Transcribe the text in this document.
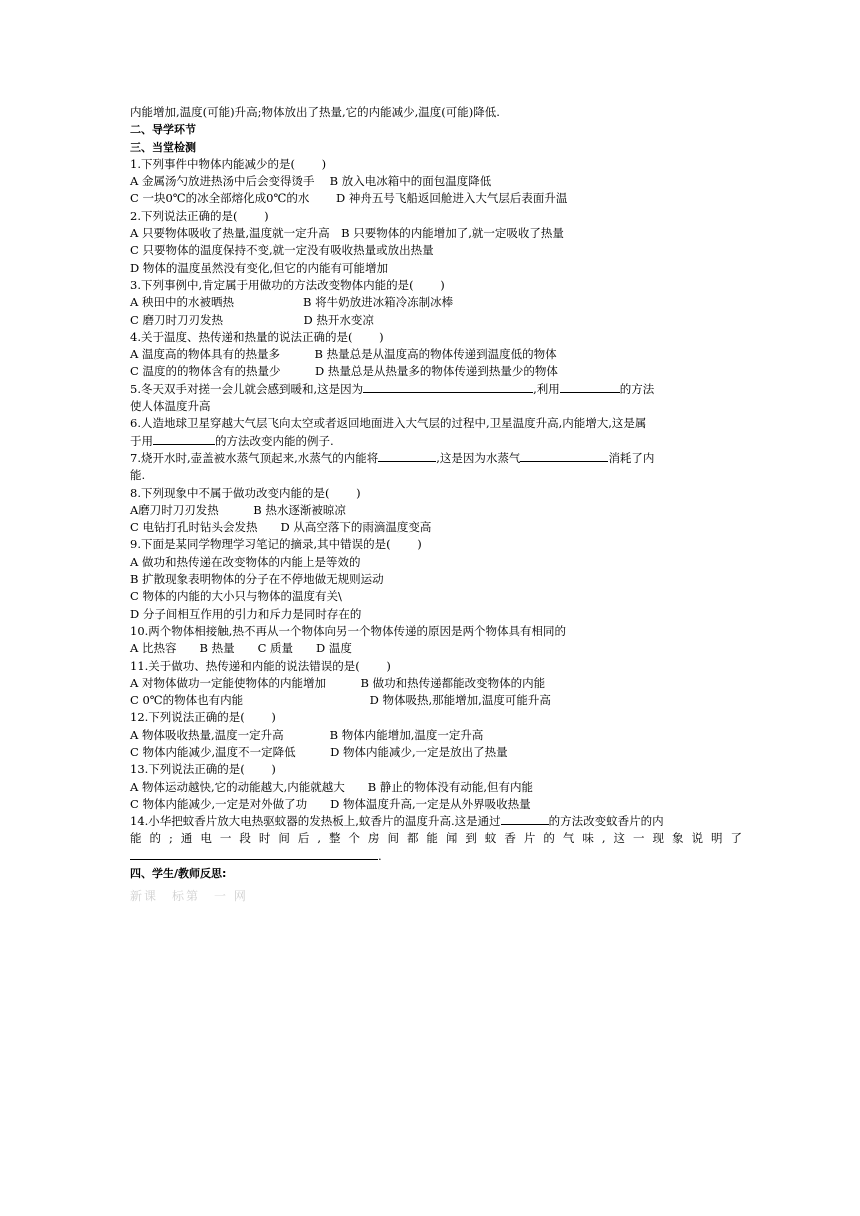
内能增加,温度(可能)升高;物体放出了热量,它的内能减少,温度(可能)降低.
二、导学环节
三、当堂检测
1.下列事件中物体内能减少的是(　　 )
A 金属汤勺放进热汤中后会变得烫手　 B 放入电冰箱中的面包温度降低
C 一块0℃的冰全部熔化成0℃的水　　 D 神舟五号飞船返回舱进入大气层后表面升温
2.下列说法正确的是(　　 )
A 只要物体吸收了热量,温度就一定升高　B 只要物体的内能增加了,就一定吸收了热量
C 只要物体的温度保持不变,就一定没有吸收热量或放出热量
D 物体的温度虽然没有变化,但它的内能有可能增加
3.下列事例中,肯定属于用做功的方法改变物体内能的是(　　 )
A 秧田中的水被晒热　　　　　　B 将牛奶放进冰箱冷冻制冰棒
C 磨刀时刀刃发热　　　　　　　D 热开水变凉
4.关于温度、热传递和热量的说法正确的是(　　 )
A 温度高的物体具有的热量多　　　B 热量总是从温度高的物体传递到温度低的物体
C 温度的的物体含有的热量少　　　D 热量总是从热量多的物体传递到热量少的物体
5.冬天双手对搓一会儿就会感到暖和,这是因为	,利用	的方法
使人体温度升高
6.人造地球卫星穿越大气层飞向太空或者返回地面进入大气层的过程中,卫星温度升高,内能增大,这是属
于用	的方法改变内能的例子.
7.烧开水时,壶盖被水蒸气顶起来,水蒸气的内能将	,这是因为水蒸气	消耗了内
能.
8.下列现象中不属于做功改变内能的是(　　 )
A磨刀时刀刃发热　　　B 热水逐渐被晾凉
C 电钻打孔时钻头会发热　　D 从高空落下的雨滴温度变高
9.下面是某同学物理学习笔记的摘录,其中错误的是(　　 )
A 做功和热传递在改变物体的内能上是等效的
B 扩散现象表明物体的分子在不停地做无规则运动
C 物体的内能的大小只与物体的温度有关\
D 分子间相互作用的引力和斥力是同时存在的
10.两个物体相接触,热不再从一个物体向另一个物体传递的原因是两个物体具有相同的
A 比热容　　B 热量　　C 质量　　D 温度
11.关于做功、热传递和内能的说法错误的是(　　 )
A 对物体做功一定能使物体的内能增加　　　B 做功和热传递都能改变物体的内能
C 0℃的物体也有内能　　　　　　　　　　　D 物体吸热,那能增加,温度可能升高
12.下列说法正确的是(　　 )
A 物体吸收热量,温度一定升高　　　　B 物体内能增加,温度一定升高
C 物体内能减少,温度不一定降低　　　D 物体内能减少,一定是放出了热量
13.下列说法正确的是(　　 )
A 物体运动越快,它的动能越大,内能就越大　　B 静止的物体没有动能,但有内能
C 物体内能减少,一定是对外做了功　　D 物体温度升高,一定是从外界吸收热量
14.小华把蚊香片放大电热驱蚊器的发热板上,蚊香片的温度升高.这是通过	的方法改变蚊香片的内
能的;通电一段时间后,整个房间都能闻到蚊香片的气味,这一现象说明了
.
四、学生/教师反思:
新课　标第　一 网
